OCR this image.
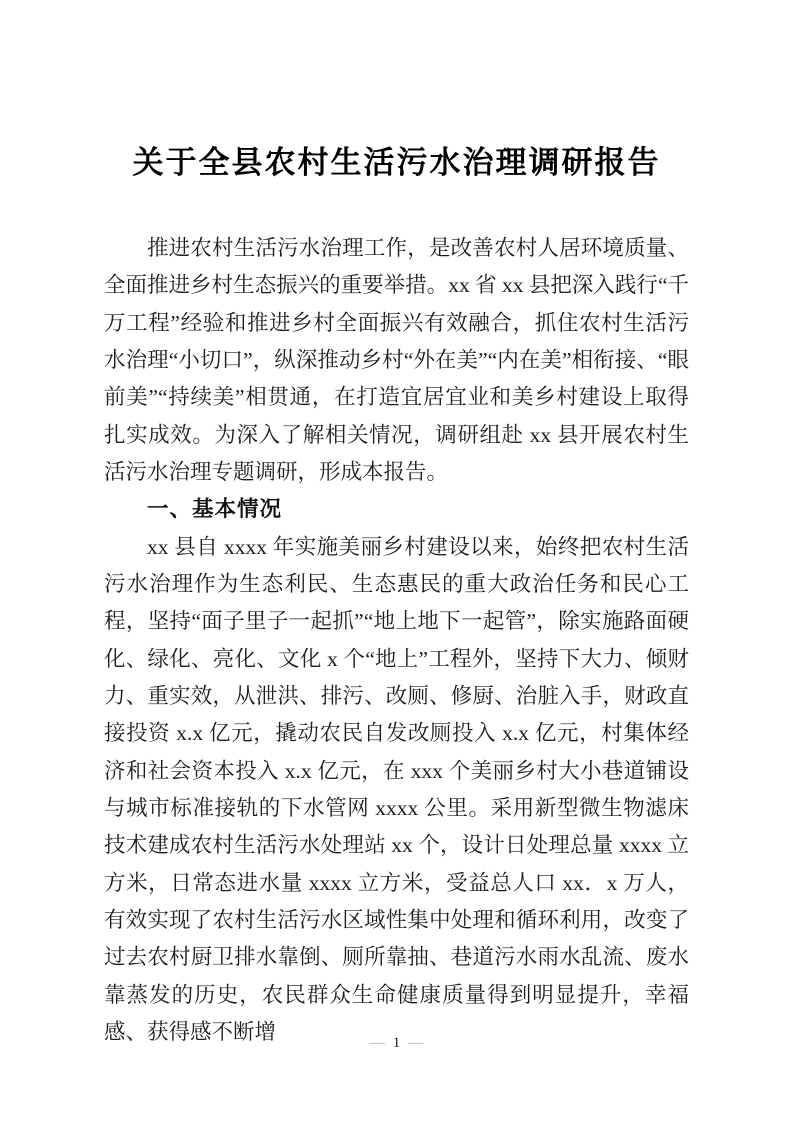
关于全县农村生活污水治理调研报告

推进农村生活污水治理工作，是改善农村人居环境质量、全面推进乡村生态振兴的重要举措。xx 省 xx 县把深入践行“千万工程”经验和推进乡村全面振兴有效融合，抓住农村生活污水治理“小切口”，纵深推动乡村“外在美”“内在美”相衔接、“眼前美”“持续美”相贯通，在打造宜居宜业和美乡村建设上取得扎实成效。为深入了解相关情况，调研组赴 xx 县开展农村生活污水治理专题调研，形成本报告。

一、基本情况

xx 县自 xxxx 年实施美丽乡村建设以来，始终把农村生活污水治理作为生态利民、生态惠民的重大政治任务和民心工程，坚持“面子里子一起抓”“地上地下一起管”，除实施路面硬化、绿化、亮化、文化 x 个“地上”工程外，坚持下大力、倾财力、重实效，从泄洪、排污、改厕、修厨、治脏入手，财政直接投资 x.x 亿元，撬动农民自发改厕投入 x.x 亿元，村集体经济和社会资本投入 x.x 亿元，在 xxx 个美丽乡村大小巷道铺设与城市标准接轨的下水管网 xxxx 公里。采用新型微生物滤床技术建成农村生活污水处理站 xx 个，设计日处理总量 xxxx 立方米，日常态进水量 xxxx 立方米，受益总人口 xx．x 万人，有效实现了农村生活污水区域性集中处理和循环利用，改变了过去农村厨卫排水靠倒、厕所靠抽、巷道污水雨水乱流、废水靠蒸发的历史，农民群众生命健康质量得到明显提升，幸福感、获得感不断增	— 1 —
